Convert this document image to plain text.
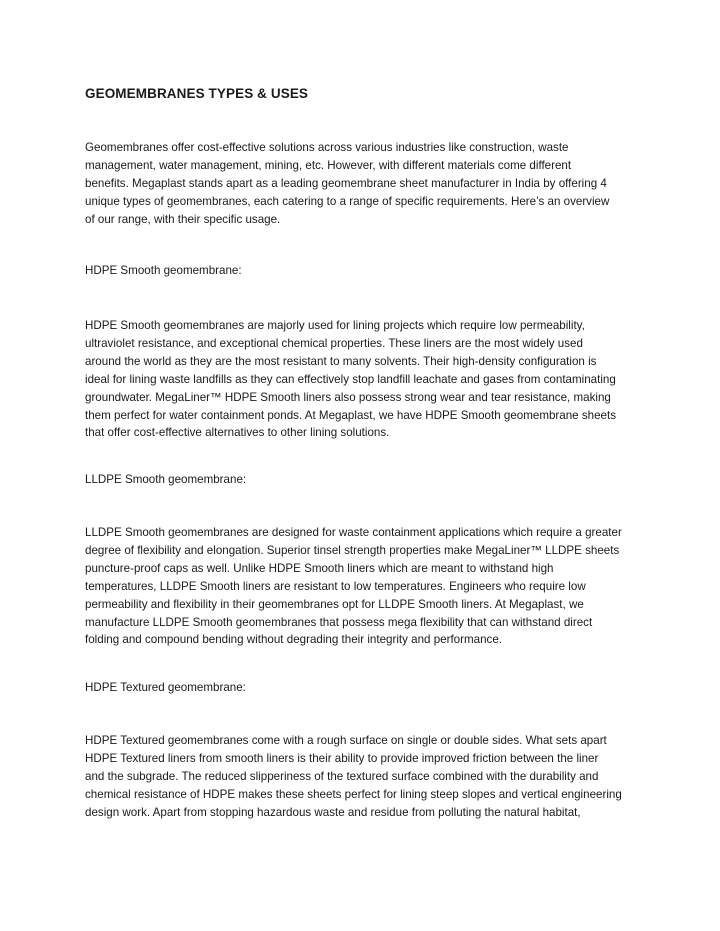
GEOMEMBRANES TYPES & USES

Geomembranes offer cost-effective solutions across various industries like construction, waste
management, water management, mining, etc. However, with different materials come different
benefits. Megaplast stands apart as a leading geomembrane sheet manufacturer in India by offering 4
unique types of geomembranes, each catering to a range of specific requirements. Here’s an overview
of our range, with their specific usage.

HDPE Smooth geomembrane:

HDPE Smooth geomembranes are majorly used for lining projects which require low permeability,
ultraviolet resistance, and exceptional chemical properties. These liners are the most widely used
around the world as they are the most resistant to many solvents. Their high-density configuration is
ideal for lining waste landfills as they can effectively stop landfill leachate and gases from contaminating
groundwater. MegaLiner™ HDPE Smooth liners also possess strong wear and tear resistance, making
them perfect for water containment ponds. At Megaplast, we have HDPE Smooth geomembrane sheets
that offer cost-effective alternatives to other lining solutions.

LLDPE Smooth geomembrane:

LLDPE Smooth geomembranes are designed for waste containment applications which require a greater
degree of flexibility and elongation. Superior tinsel strength properties make MegaLiner™ LLDPE sheets
puncture-proof caps as well. Unlike HDPE Smooth liners which are meant to withstand high
temperatures, LLDPE Smooth liners are resistant to low temperatures. Engineers who require low
permeability and flexibility in their geomembranes opt for LLDPE Smooth liners. At Megaplast, we
manufacture LLDPE Smooth geomembranes that possess mega flexibility that can withstand direct
folding and compound bending without degrading their integrity and performance.

HDPE Textured geomembrane:

HDPE Textured geomembranes come with a rough surface on single or double sides. What sets apart
HDPE Textured liners from smooth liners is their ability to provide improved friction between the liner
and the subgrade. The reduced slipperiness of the textured surface combined with the durability and
chemical resistance of HDPE makes these sheets perfect for lining steep slopes and vertical engineering
design work. Apart from stopping hazardous waste and residue from polluting the natural habitat,
